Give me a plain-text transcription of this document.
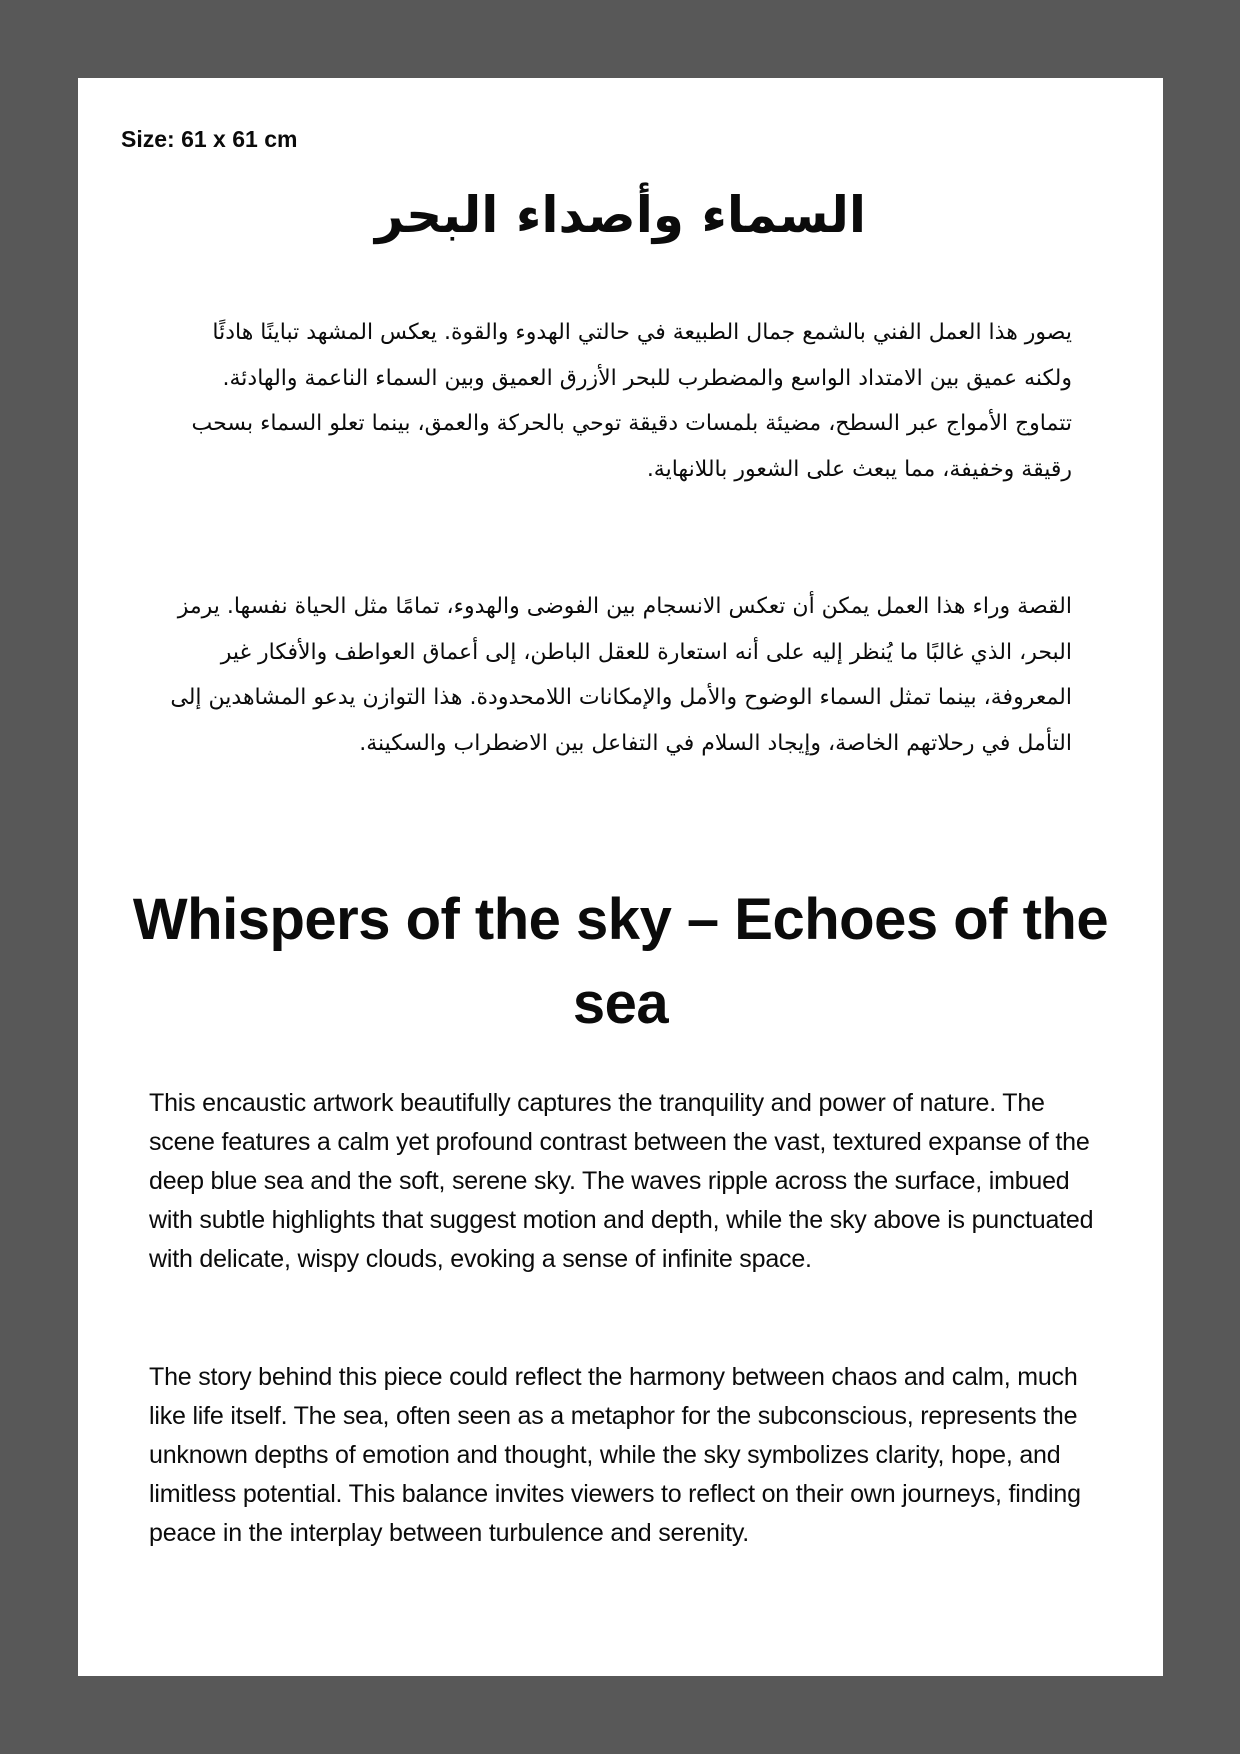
Size: 61 x 61 cm

السماء وأصداء البحر

يصور هذا العمل الفني بالشمع جمال الطبيعة في حالتي الهدوء والقوة. يعكس المشهد تباينًا هادئًا ولكنه عميق بين الامتداد الواسع والمضطرب للبحر الأزرق العميق وبين السماء الناعمة والهادئة. تتماوج الأمواج عبر السطح، مضيئة بلمسات دقيقة توحي بالحركة والعمق، بينما تعلو السماء بسحب رقيقة وخفيفة، مما يبعث على الشعور باللانهاية.

القصة وراء هذا العمل يمكن أن تعكس الانسجام بين الفوضى والهدوء، تمامًا مثل الحياة نفسها. يرمز البحر، الذي غالبًا ما يُنظر إليه على أنه استعارة للعقل الباطن، إلى أعماق العواطف والأفكار غير المعروفة، بينما تمثل السماء الوضوح والأمل والإمكانات اللامحدودة. هذا التوازن يدعو المشاهدين إلى التأمل في رحلاتهم الخاصة، وإيجاد السلام في التفاعل بين الاضطراب والسكينة.

Whispers of the sky – Echoes of the sea

This encaustic artwork beautifully captures the tranquility and power of nature. The scene features a calm yet profound contrast between the vast, textured expanse of the deep blue sea and the soft, serene sky. The waves ripple across the surface, imbued with subtle highlights that suggest motion and depth, while the sky above is punctuated with delicate, wispy clouds, evoking a sense of infinite space.

The story behind this piece could reflect the harmony between chaos and calm, much like life itself. The sea, often seen as a metaphor for the subconscious, represents the unknown depths of emotion and thought, while the sky symbolizes clarity, hope, and limitless potential. This balance invites viewers to reflect on their own journeys, finding peace in the interplay between turbulence and serenity.
